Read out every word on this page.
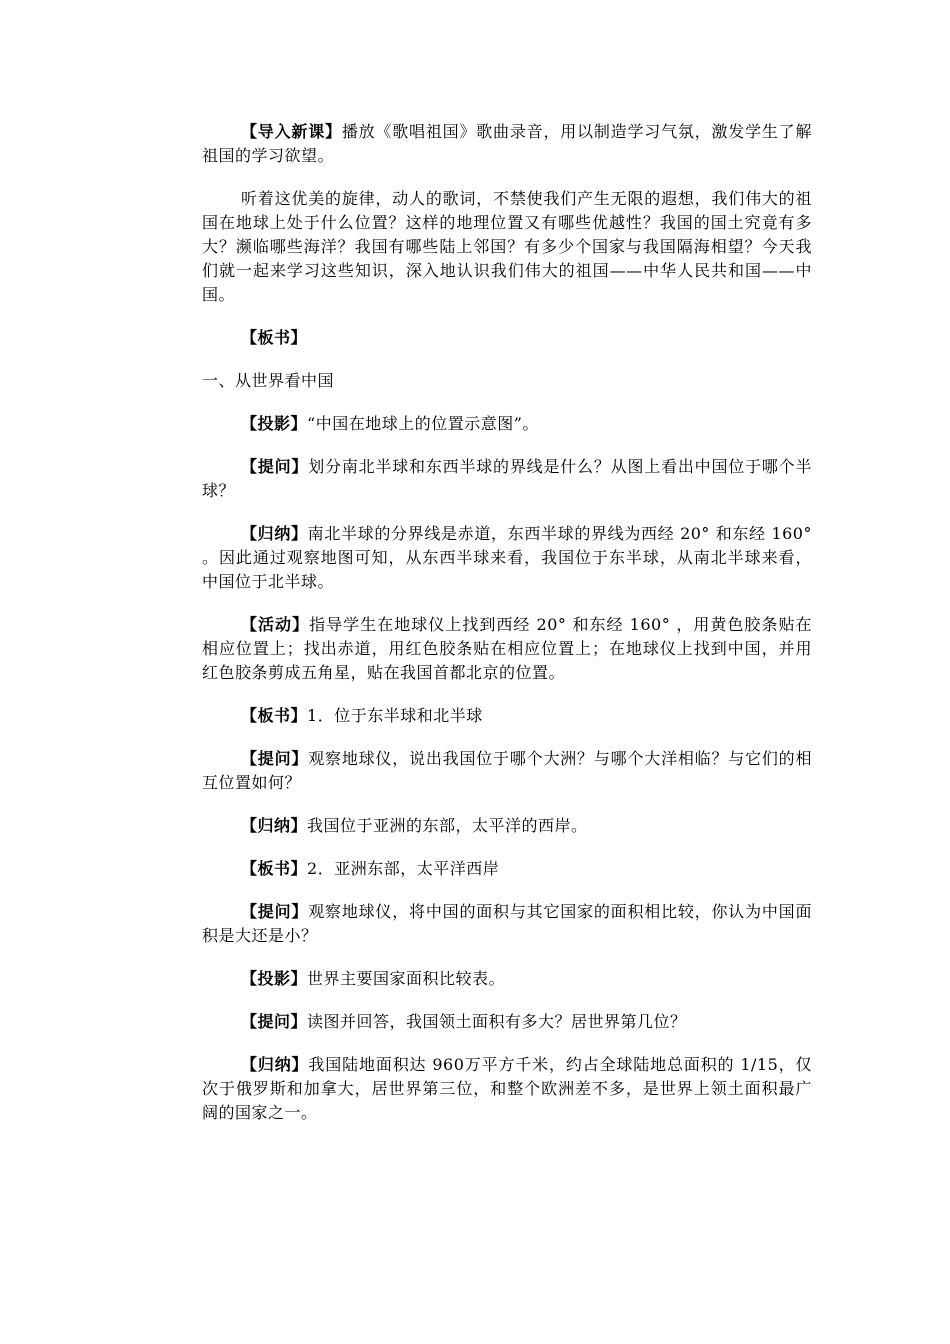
【导入新课】播放《歌唱祖国》歌曲录音，用以制造学习气氛，激发学生了解祖国的学习欲望。

听着这优美的旋律，动人的歌词，不禁使我们产生无限的遐想，我们伟大的祖国在地球上处于什么位置？这样的地理位置又有哪些优越性？我国的国土究竟有多大？濒临哪些海洋？我国有哪些陆上邻国？有多少个国家与我国隔海相望？今天我们就一起来学习这些知识，深入地认识我们伟大的祖国——中华人民共和国——中国。

【板书】

一、从世界看中国

【投影】“中国在地球上的位置示意图”。

【提问】划分南北半球和东西半球的界线是什么？从图上看出中国位于哪个半球？

【归纳】南北半球的分界线是赤道，东西半球的界线为西经 20° 和东经 160° 。因此通过观察地图可知，从东西半球来看，我国位于东半球，从南北半球来看，中国位于北半球。

【活动】指导学生在地球仪上找到西经 20° 和东经 160° ，用黄色胶条贴在相应位置上；找出赤道，用红色胶条贴在相应位置上；在地球仪上找到中国，并用红色胶条剪成五角星，贴在我国首都北京的位置。

【板书】1．位于东半球和北半球

【提问】观察地球仪，说出我国位于哪个大洲？与哪个大洋相临？与它们的相互位置如何？

【归纳】我国位于亚洲的东部，太平洋的西岸。

【板书】2．亚洲东部，太平洋西岸

【提问】观察地球仪，将中国的面积与其它国家的面积相比较，你认为中国面积是大还是小？

【投影】世界主要国家面积比较表。

【提问】读图并回答，我国领土面积有多大？居世界第几位？

【归纳】我国陆地面积达 960万平方千米，约占全球陆地总面积的 1/15，仅次于俄罗斯和加拿大，居世界第三位，和整个欧洲差不多，是世界上领土面积最广阔的国家之一。
